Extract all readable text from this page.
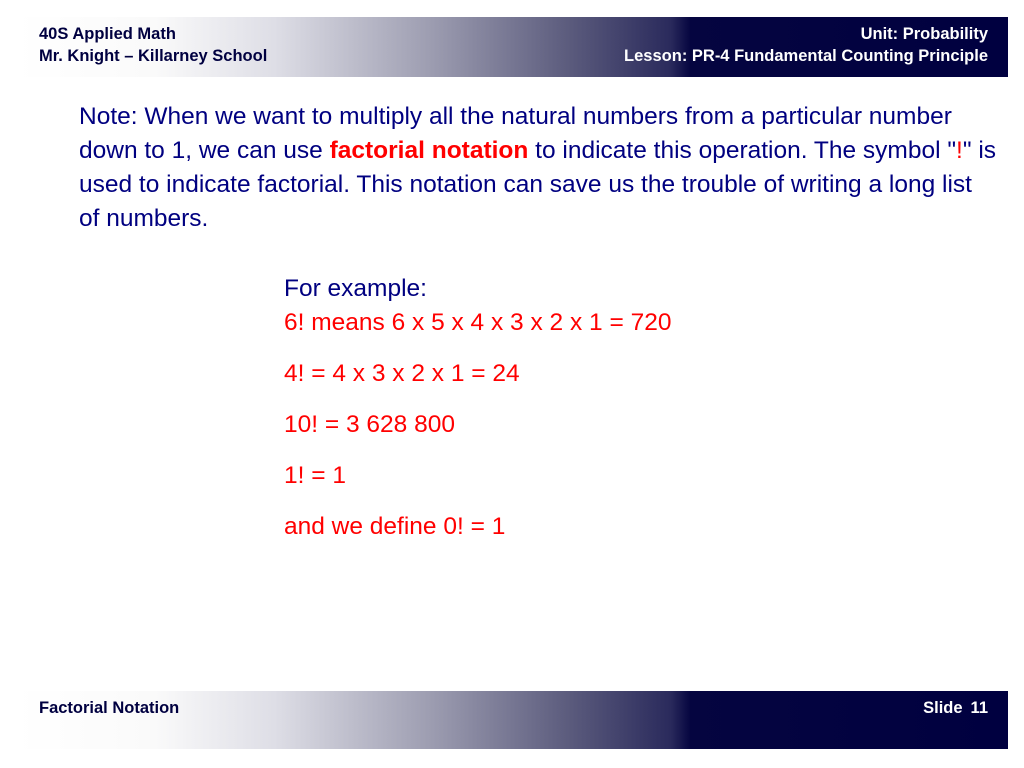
40S Applied Math
Mr. Knight – Killarney School
Unit: Probability
Lesson: PR-4 Fundamental Counting Principle
Note: When we want to multiply all the natural numbers from a particular number down to 1, we can use factorial notation to indicate this operation. The symbol "!" is used to indicate factorial. This notation can save us the trouble of writing a long list of numbers.
For example:
6! means 6 x 5 x 4 x 3 x 2 x 1 = 720
4! = 4 x 3 x 2 x 1 = 24
10! = 3 628 800
1! = 1
and we define 0! = 1
Factorial Notation	Slide 11
